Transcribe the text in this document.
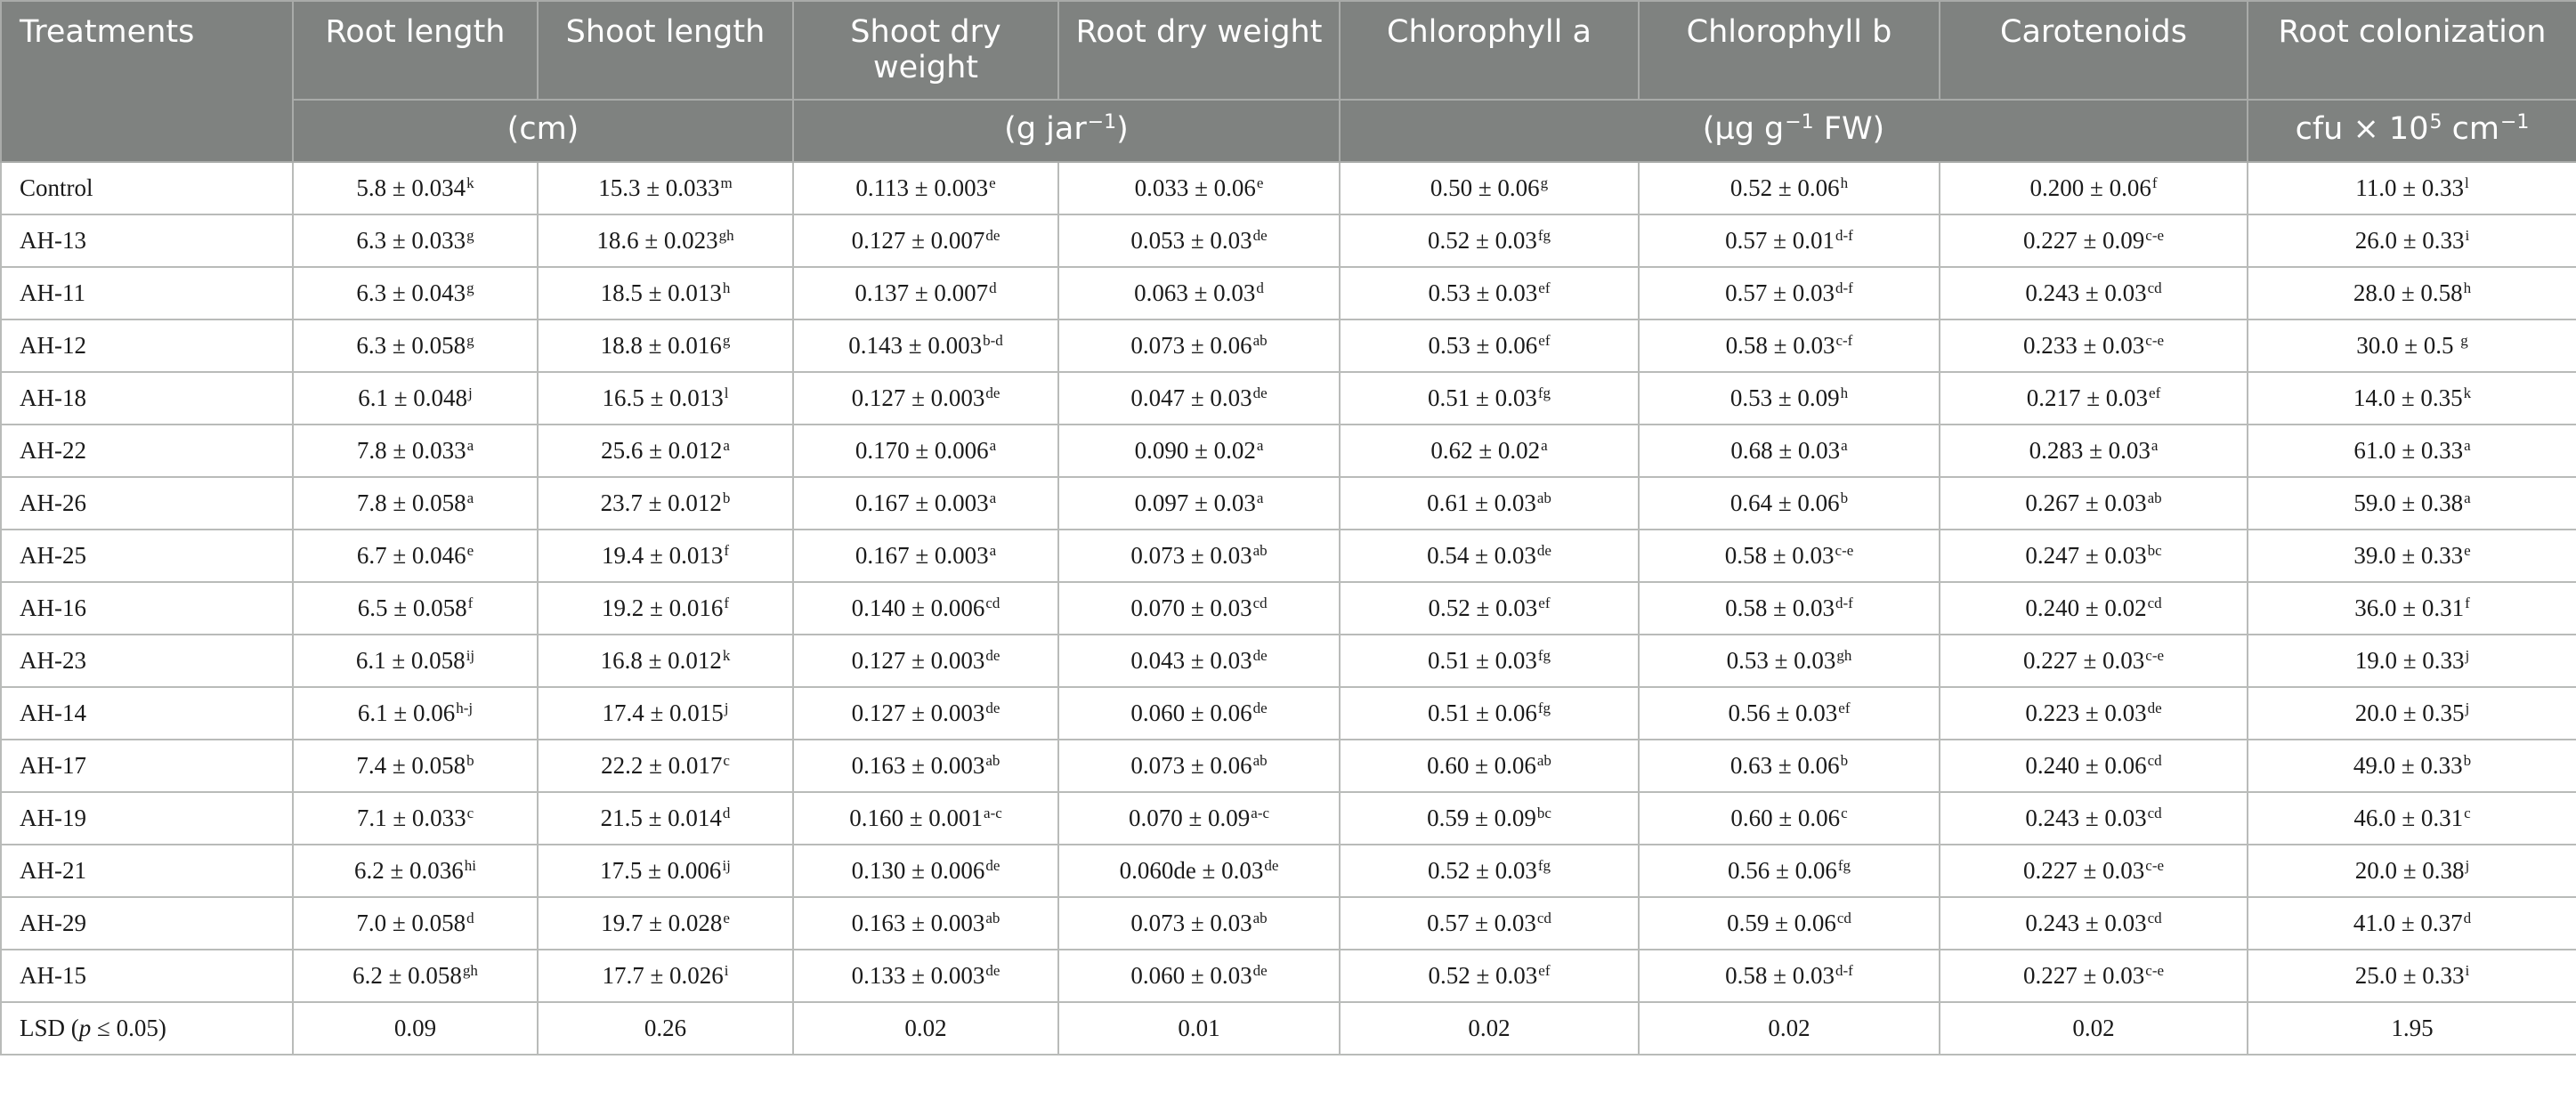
Treatments	Root length	Shoot length	Shoot dry weight	Root dry weight	Chlorophyll a	Chlorophyll b	Carotenoids	Root colonization
	(cm)		(g jar$^{-1}$)		(µg $g^{-1}$ FW)			cfu × $10^5$ $cm^{-1}$
Control	$5.8 \pm 0.034^k$	$15.3 \pm 0.033^m$	0.113 ± 0.003$^e$	0.033 ± 0.06$^e$	0.50 ± 0.06$^g$	0.52 ± 0.06$^h$	0.200 ± 0.06$^f$	$11.0 \pm 0.33^l$
AH-13	6.3 ± 0.033$^g$	18.6 ± 0.023$^{gh}$	0.127 ± 0.007de	0.053 ± 0.03de	0.52 ± 0.03$^{fg}$	$0.57 \pm 0.01^{d-f}$	$0.227 \pm 0.09^{c-e}$	$26.0 \pm 0.33^i$
AH-11	6.3 ± 0.043$^g$	18.5 ± 0.013$^h$	0.137 ± 0.007$^d$	0.063 ± 0.03$^d$	0.53 ± 0.03$^{ef}$	$0.57 \pm 0.03^{d-f}$	0.243 ± 0.03$^{cd}$	28.0 ± 0.58$^h$
AH-12	6.3 ± 0.058$^g$	18.8 ± 0.016$^g$	$0.143 \pm 0.003^{b-d}$	0.073 ± 0.06$^{ab}$	0.53 ± 0.06$^{ef}$	$0.58 \pm 0.03^{c-f}$	$0.233 \pm 0.03^{c-e}$	30.0 ± 0.5 $^g$
AH-18	$6.1 \pm 0.048^j$	$16.5 \pm 0.013^l$	0.127 ± 0.003de	0.047 ± 0.03de	0.51 ± 0.03$^{fg}$	0.53 ± 0.09$^h$	0.217 ± 0.03$^{ef}$	$14.0 \pm 0.35^k$
AH-22	7.8 ± 0.033$^a$	25.6 ± 0.012$^a$	0.170 ± 0.006$^a$	0.090 ± 0.02$^a$	0.62 ± 0.02$^a$	0.68 ± 0.03$^a$	0.283 ± 0.03$^a$	61.0 ± 0.33$^a$
AH-26	7.8 ± 0.058$^a$	23.7 ± 0.012$^b$	0.167 ± 0.003$^a$	0.097 ± 0.03$^a$	0.61 ± 0.03$^{ab}$	0.64 ± 0.06$^b$	0.267 ± 0.03$^{ab}$	59.0 ± 0.38$^a$
AH-25	6.7 ± 0.046$^e$	19.4 ± 0.013$^f$	0.167 ± 0.003$^a$	0.073 ± 0.03$^{ab}$	0.54 ± 0.03de	$0.58 \pm 0.03^{c-e}$	0.247 ± 0.03$^{bc}$	39.0 ± 0.33$^e$
AH-16	6.5 ± 0.058$^f$	19.2 ± 0.016$^f$	0.140 ± 0.006$^{cd}$	0.070 ± 0.03$^{cd}$	0.52 ± 0.03$^{ef}$	$0.58 \pm 0.03^{d-f}$	0.240 ± 0.02$^{cd}$	36.0 ± 0.31$^f$
AH-23	$6.1 \pm 0.058^{ij}$	$16.8 \pm 0.012^k$	0.127 ± 0.003de	0.043 ± 0.03de	0.51 ± 0.03$^{fg}$	0.53 ± 0.03$^{gh}$	$0.227 \pm 0.03^{c-e}$	$19.0 \pm 0.33^j$
AH-14	$6.1 \pm 0.06^{h-j}$	$17.4 \pm 0.015^j$	0.127 ± 0.003de	0.060 ± 0.06de	0.51 ± 0.06$^{fg}$	0.56 ± 0.03$^{ef}$	0.223 ± 0.03de	$20.0 \pm 0.35^j$
AH-17	7.4 ± 0.058$^b$	22.2 ± 0.017$^c$	0.163 ± 0.003$^{ab}$	0.073 ± 0.06$^{ab}$	0.60 ± 0.06$^{ab}$	0.63 ± 0.06$^b$	0.240 ± 0.06$^{cd}$	49.0 ± 0.33$^b$
AH-19	7.1 ± 0.033$^c$	21.5 ± 0.014$^d$	$0.160 \pm 0.001^{a-c}$	$0.070 \pm 0.09^{a-c}$	0.59 ± 0.09$^{bc}$	0.60 ± 0.06$^c$	0.243 ± 0.03$^{cd}$	46.0 ± 0.31$^c$
AH-21	$6.2 \pm 0.036^{hi}$	$17.5 \pm 0.006^{ij}$	0.130 ± 0.006de	0.060de ± 0.03de	0.52 ± 0.03$^{fg}$	0.56 ± 0.06$^{fg}$	$0.227 \pm 0.03^{c-e}$	$20.0 \pm 0.38^j$
AH-29	7.0 ± 0.058$^d$	19.7 ± 0.028$^e$	0.163 ± 0.003$^{ab}$	0.073 ± 0.03$^{ab}$	0.57 ± 0.03$^{cd}$	0.59 ± 0.06$^{cd}$	0.243 ± 0.03$^{cd}$	41.0 ± 0.37$^d$
AH-15	6.2 ± 0.058$^{gh}$	$17.7 \pm 0.026^i$	0.133 ± 0.003de	0.060 ± 0.03de	0.52 ± 0.03$^{ef}$	$0.58 \pm 0.03^{d-f}$	$0.227 \pm 0.03^{c-e}$	$25.0 \pm 0.33^i$
LSD (p ≤ 0.05)	0.09	0.26	0.02	0.01	0.02	0.02	0.02	1.95
